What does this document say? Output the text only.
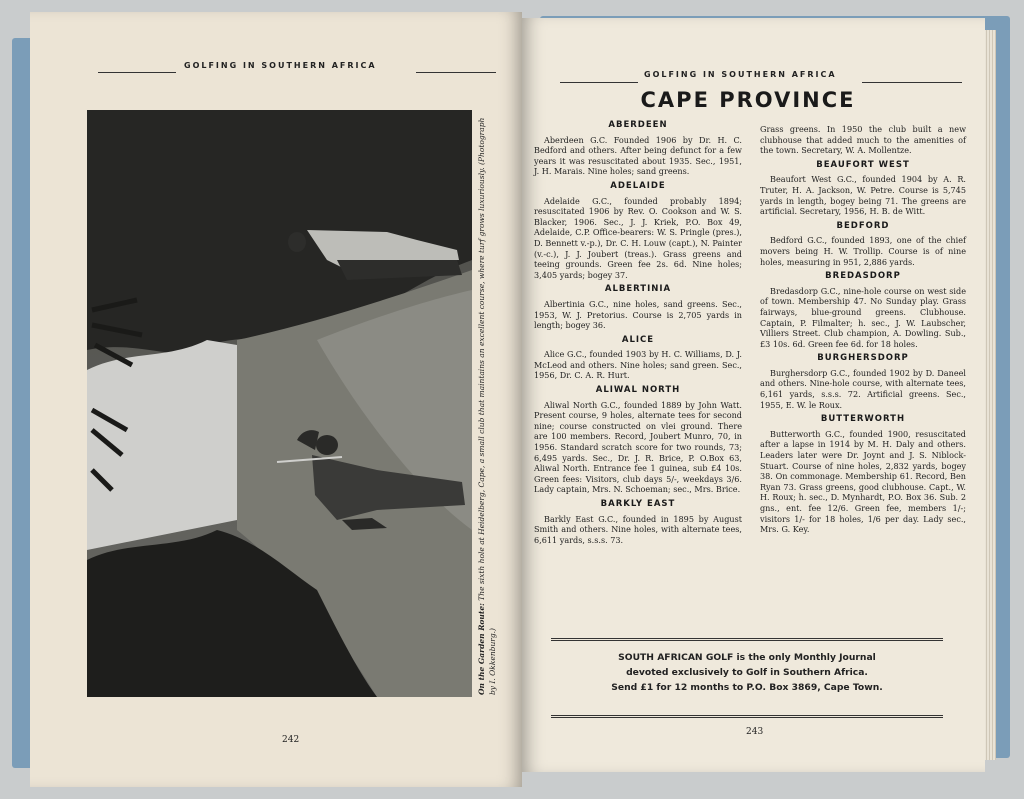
GOLFING IN SOUTHERN AFRICA
On the Garden Route: The sixth hole at Heidelberg, Cape, a small club that maintains an excellent course, where turf grows luxuriously. (Photograph by I. Okkenburg.)
242
GOLFING IN SOUTHERN AFRICA
CAPE PROVINCE
ABERDEEN

Aberdeen G.C. Founded 1906 by Dr. H. C. Bedford and others. After being defunct for a few years it was resuscitated about 1935. Sec., 1951, J. H. Marais. Nine holes; sand greens.

ADELAIDE

Adelaide G.C., founded probably 1894; resuscitated 1906 by Rev. O. Cookson and W. S. Blacker, 1906. Sec., J. J. Kriek, P.O. Box 49, Adelaide, C.P. Office-bearers: W. S. Pringle (pres.), D. Bennett v.-p.), Dr. C. H. Louw (capt.), N. Painter (v.-c.), J. J. Joubert (treas.). Grass greens and teeing grounds. Green fee 2s. 6d. Nine holes; 3,405 yards; bogey 37.

ALBERTINIA

Albertinia G.C., nine holes, sand greens. Sec., 1953, W. J. Pretorius. Course is 2,705 yards in length; bogey 36.

ALICE

Alice G.C., founded 1903 by H. C. Williams, D. J. McLeod and others. Nine holes; sand green. Sec., 1956, Dr. C. A. R. Hurt.

ALIWAL NORTH

Aliwal North G.C., founded 1889 by John Watt. Present course, 9 holes, alternate tees for second nine; course constructed on vlei ground. There are 100 members. Record, Joubert Munro, 70, in 1956. Standard scratch score for two rounds, 73; 6,495 yards. Sec., Dr. J. R. Brice, P. O.Box 63, Aliwal North. Entrance fee 1 guinea, sub £4 10s. Green fees: Visitors, club days 5/-, weekdays 3/6. Lady captain, Mrs. N. Schoeman; sec., Mrs. Brice.

BARKLY EAST

Barkly East G.C., founded in 1895 by August Smith and others. Nine holes, with alternate tees, 6,611 yards, s.s.s. 73.

Grass greens. In 1950 the club built a new clubhouse that added much to the amenities of the town. Secretary, W. A. Mollentze.

BEAUFORT WEST

Beaufort West G.C., founded 1904 by A. R. Truter, H. A. Jackson, W. Petre. Course is 5,745 yards in length, bogey being 71. The greens are artificial. Secretary, 1956, H. B. de Witt.

BEDFORD

Bedford G.C., founded 1893, one of the chief movers being H. W. Trollip. Course is of nine holes, measuring in 951, 2,886 yards.

BREDASDORP

Bredasdorp G.C., nine-hole course on west side of town. Membership 47. No Sunday play. Grass fairways, blue-ground greens. Clubhouse. Captain, P. Filmalter; h. sec., J. W. Laubscher, Villiers Street. Club champion, A. Dowling. Sub., £3 10s. 6d. Green fee 6d. for 18 holes.

BURGHERSDORP

Burghersdorp G.C., founded 1902 by D. Daneel and others. Nine-hole course, with alternate tees, 6,161 yards, s.s.s. 72. Artificial greens. Sec., 1955, E. W. le Roux.

BUTTERWORTH

Butterworth G.C., founded 1900, resuscitated after a lapse in 1914 by M. H. Daly and others. Leaders later were Dr. Joynt and J. S. Niblock-Stuart. Course of nine holes, 2,832 yards, bogey 38. On commonage. Membership 61. Record, Ben Ryan 73. Grass greens, good clubhouse. Capt., W. H. Roux; h. sec., D. Mynhardt, P.O. Box 36. Sub. 2 gns., ent. fee 12/6. Green fee, members 1/-; visitors 1/- for 18 holes, 1/6 per day. Lady sec., Mrs. G. Key.

SOUTH AFRICAN GOLF is the only Monthly Journal
devoted exclusively to Golf in Southern Africa.
Send £1 for 12 months to P.O. Box 3869, Cape Town.
243
